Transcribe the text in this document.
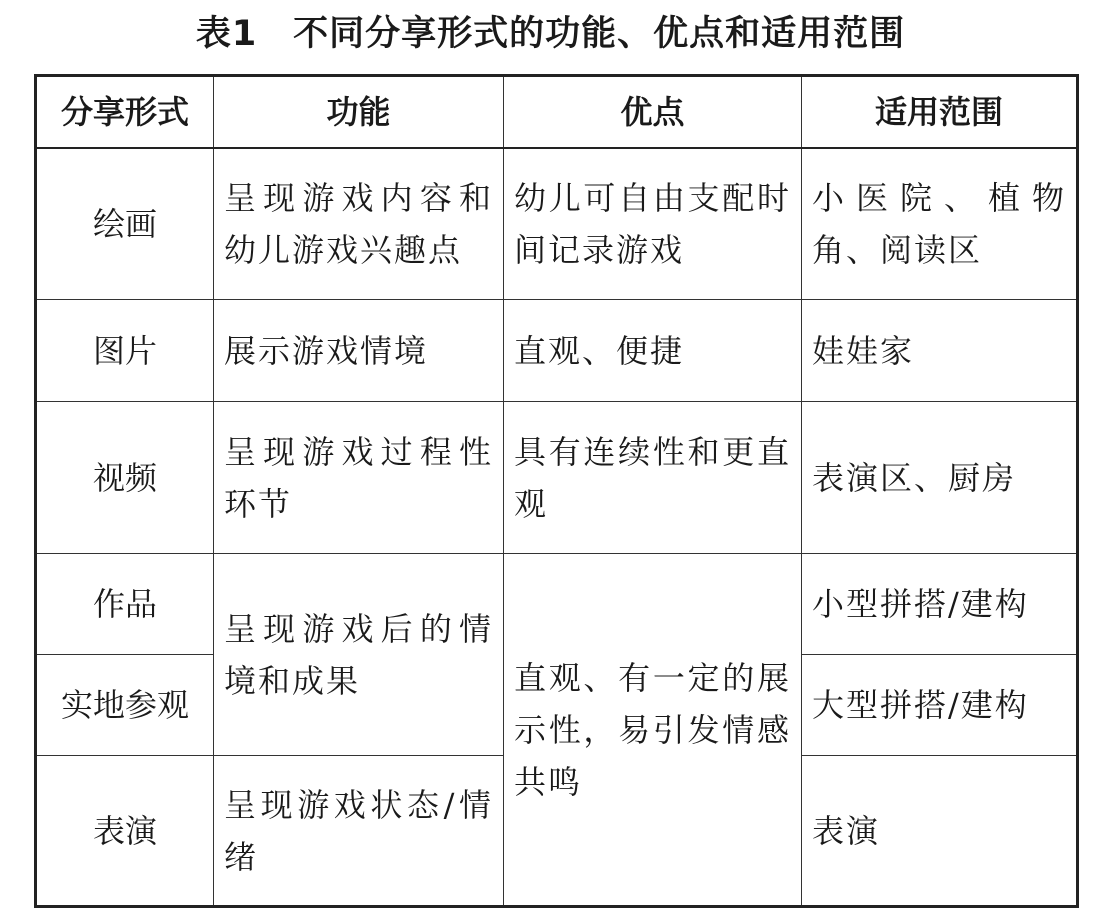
表1　不同分享形式的功能、优点和适用范围
分享形式	功能	优点	适用范围
绘画	呈现游戏内容和幼儿游戏兴趣点	幼儿可自由支配时间记录游戏	小医院、植物角、阅读区
图片	展示游戏情境	直观、便捷	娃娃家
视频	呈现游戏过程性环节	具有连续性和更直观	表演区、厨房
作品	呈现游戏后的情境和成果	直观、有一定的展示性，易引发情感共鸣	小型拼搭/建构
实地参观			大型拼搭/建构
表演	呈现游戏状态/情绪		表演
